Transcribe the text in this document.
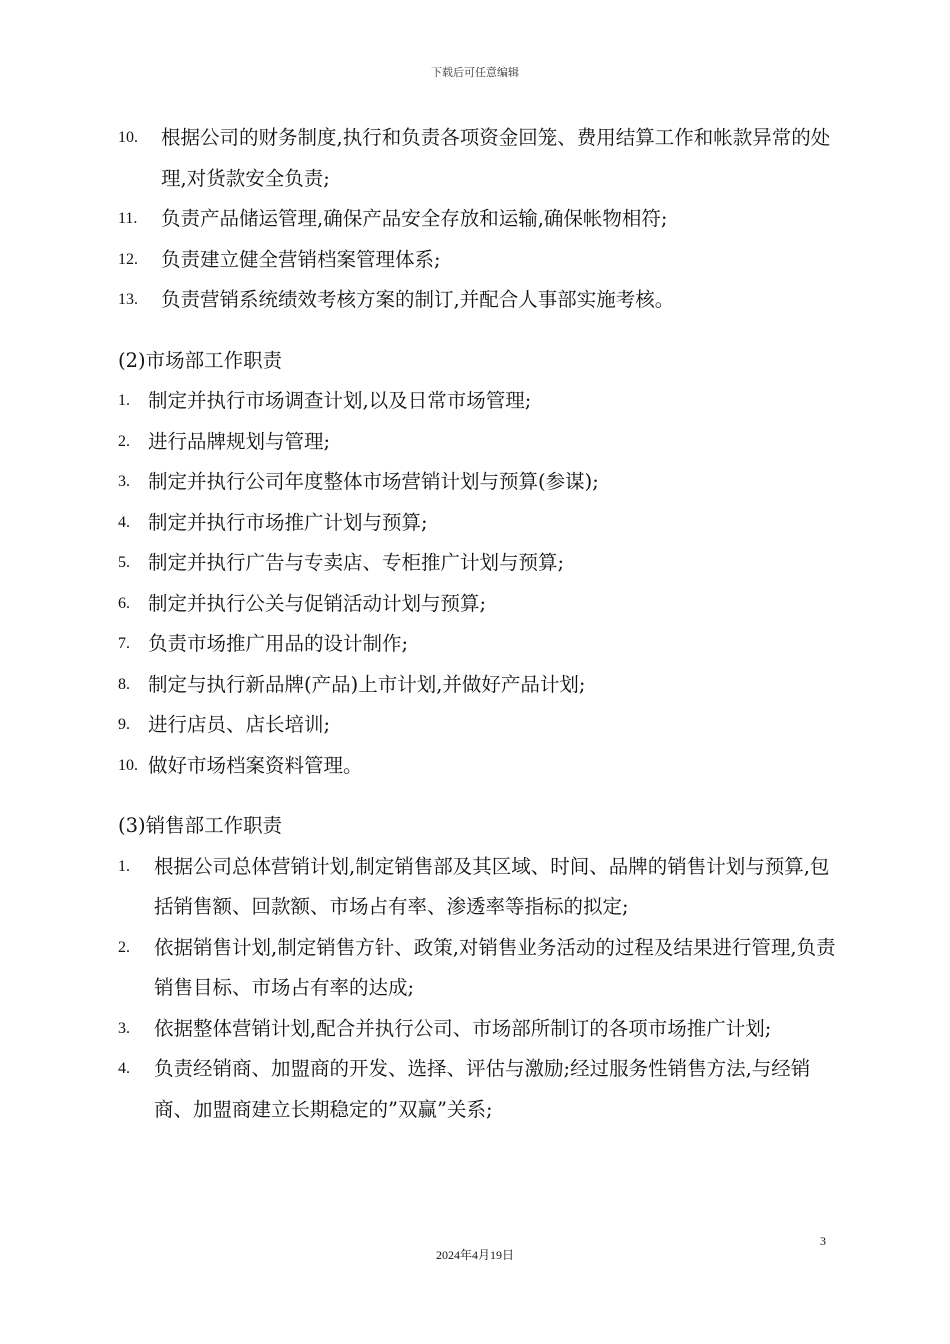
下载后可任意编辑
10.	根据公司的财务制度,执行和负责各项资金回笼、费用结算工作和帐款异常的处理,对货款安全负责;
11.	负责产品储运管理,确保产品安全存放和运输,确保帐物相符;
12.	负责建立健全营销档案管理体系;
13.	负责营销系统绩效考核方案的制订,并配合人事部实施考核。
(2)市场部工作职责
1. 制定并执行市场调查计划,以及日常市场管理;
2. 进行品牌规划与管理;
3. 制定并执行公司年度整体市场营销计划与预算(参谋);
4. 制定并执行市场推广计划与预算;
5. 制定并执行广告与专卖店、专柜推广计划与预算;
6. 制定并执行公关与促销活动计划与预算;
7. 负责市场推广用品的设计制作;
8. 制定与执行新品牌(产品)上市计划,并做好产品计划;
9. 进行店员、店长培训;
10. 做好市场档案资料管理。
(3)销售部工作职责
1.	根据公司总体营销计划,制定销售部及其区域、时间、品牌的销售计划与预算,包括销售额、回款额、市场占有率、渗透率等指标的拟定;
2.	依据销售计划,制定销售方针、政策,对销售业务活动的过程及结果进行管理,负责销售目标、市场占有率的达成;
3.	依据整体营销计划,配合并执行公司、市场部所制订的各项市场推广计划;
4.	负责经销商、加盟商的开发、选择、评估与激励;经过服务性销售方法,与经销商、加盟商建立长期稳定的”双赢”关系;
3
2024年4月19日
